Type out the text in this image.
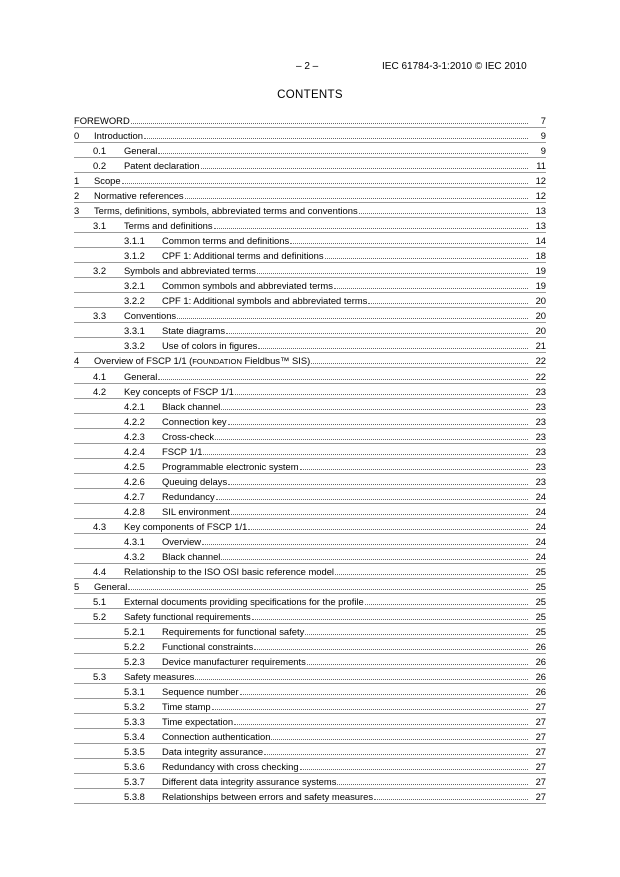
– 2 –	IEC 61784-3-1:2010 © IEC 2010
CONTENTS
FOREWORD	7
0 Introduction	9
0.1 General	9
0.2 Patent declaration	11
1 Scope	12
2 Normative references	12
3 Terms, definitions, symbols, abbreviated terms and conventions	13
3.1 Terms and definitions	13
3.1.1 Common terms and definitions	14
3.1.2 CPF 1: Additional terms and definitions	18
3.2 Symbols and abbreviated terms	19
3.2.1 Common symbols and abbreviated terms	19
3.2.2 CPF 1: Additional symbols and abbreviated terms	20
3.3 Conventions	20
3.3.1 State diagrams	20
3.3.2 Use of colors in figures	21
4 Overview of FSCP 1/1 (FOUNDATION Fieldbus™ SIS)	22
4.1 General	22
4.2 Key concepts of FSCP 1/1	23
4.2.1 Black channel	23
4.2.2 Connection key	23
4.2.3 Cross-check	23
4.2.4 FSCP 1/1	23
4.2.5 Programmable electronic system	23
4.2.6 Queuing delays	23
4.2.7 Redundancy	24
4.2.8 SIL environment	24
4.3 Key components of FSCP 1/1	24
4.3.1 Overview	24
4.3.2 Black channel	24
4.4 Relationship to the ISO OSI basic reference model	25
5 General	25
5.1 External documents providing specifications for the profile	25
5.2 Safety functional requirements	25
5.2.1 Requirements for functional safety	25
5.2.2 Functional constraints	26
5.2.3 Device manufacturer requirements	26
5.3 Safety measures	26
5.3.1 Sequence number	26
5.3.2 Time stamp	27
5.3.3 Time expectation	27
5.3.4 Connection authentication	27
5.3.5 Data integrity assurance	27
5.3.6 Redundancy with cross checking	27
5.3.7 Different data integrity assurance systems	27
5.3.8 Relationships between errors and safety measures	27
